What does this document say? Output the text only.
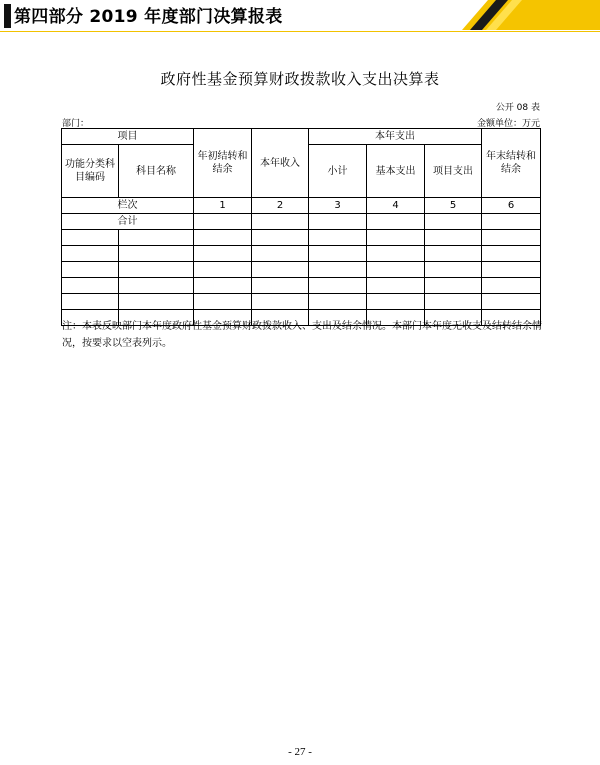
第四部分 2019 年度部门决算报表
政府性基金预算财政拨款收入支出决算表
公开 08 表
部门：	金额单位：万元
项目		年初结转和结余	本年收入	本年支出			年末结转和结余
功能分类科目编码	科目名称			小计	基本支出	项目支出	
栏次		1	2	3	4	5	6
合计							

注：本表反映部门本年度政府性基金预算财政拨款收入、支出及结余情况。本部门本年度无收支及结转结余情况，按要求以空表列示。
- 27 -
